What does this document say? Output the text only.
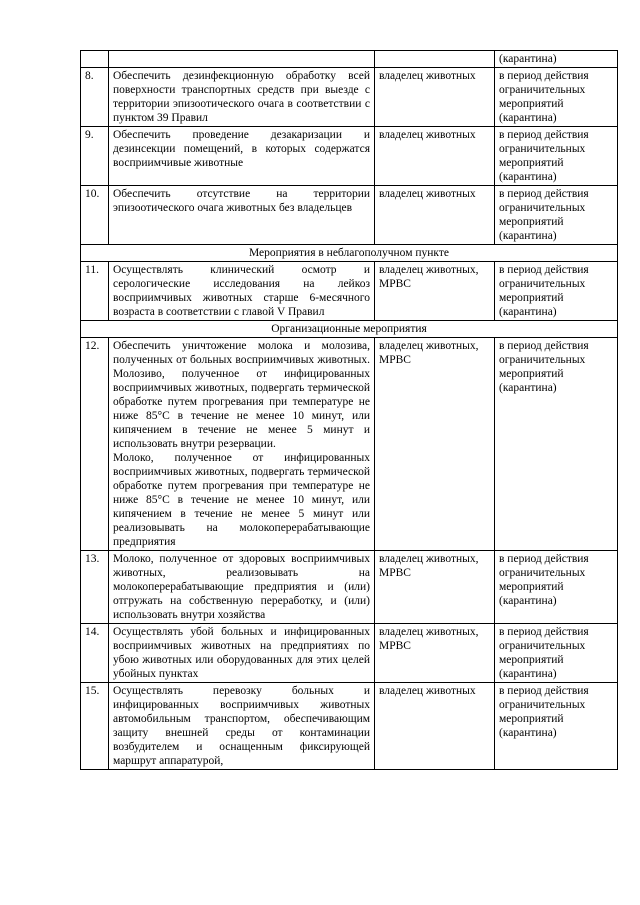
			(карантина)
8.	Обеспечить дезинфекционную обработку всей поверхности транспортных средств при выезде с территории эпизоотического очага в соответствии с пунктом 39 Правил	владелец животных	в период действия ограничительных мероприятий (карантина)
9.	Обеспечить проведение дезакаризации и дезинсекции помещений, в которых содержатся восприимчивые животные	владелец животных	в период действия ограничительных мероприятий (карантина)
10.	Обеспечить отсутствие на территории эпизоотического очага животных без владельцев	владелец животных	в период действия ограничительных мероприятий (карантина)
Мероприятия в неблагополучном пункте			
11.	Осуществлять клинический осмотр и серологические исследования на лейкоз восприимчивых животных старше 6-месячного возраста в соответствии с главой V Правил	владелец животных, МРВС	в период действия ограничительных мероприятий (карантина)
Организационные мероприятия			
12.	Обеспечить уничтожение молока и молозива, полученных от больных восприимчивых животных. Молозиво, полученное от инфицированных восприимчивых животных, подвергать термической обработке путем прогревания при температуре не ниже 85°С в течение не менее 10 минут, или кипячением в течение не менее 5 минут и использовать внутри резервации.
Молоко, полученное от инфицированных восприимчивых животных, подвергать термической обработке путем прогревания при температуре не ниже 85°С в течение не менее 10 минут, или кипячением в течение не менее 5 минут или реализовывать на молокоперерабатывающие предприятия	владелец животных, МРВС	в период действия ограничительных мероприятий (карантина)
13.	Молоко, полученное от здоровых восприимчивых животных, реализовывать на молокоперерабатывающие предприятия и (или) отгружать на собственную переработку, и (или) использовать внутри хозяйства	владелец животных, МРВС	в период действия ограничительных мероприятий (карантина)
14.	Осуществлять убой больных и инфицированных восприимчивых животных на предприятиях по убою животных или оборудованных для этих целей убойных пунктах	владелец животных, МРВС	в период действия ограничительных мероприятий (карантина)
15.	Осуществлять перевозку больных и инфицированных восприимчивых животных автомобильным транспортом, обеспечивающим защиту внешней среды от контаминации возбудителем и оснащенным фиксирующей маршрут аппаратурой,	владелец животных	в период действия ограничительных мероприятий (карантина)
